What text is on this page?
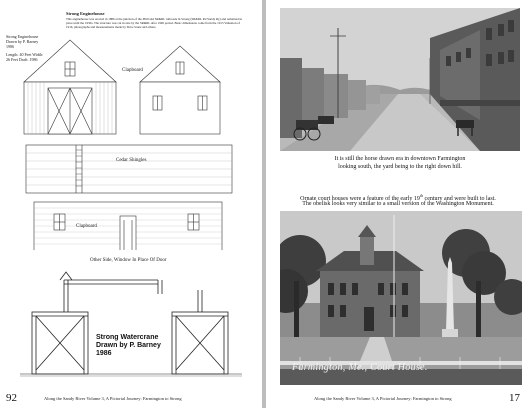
Strong Enginehouse
This enginehouse was erected in 1886 at the junction of the Phill and SR&RL railroads in Strong (SR&RL Rv/Sandy Ry) and remained in place until the 1930s. The structure was cut in size by the SR&RL after 1906 period. Basic dimensions come from the 1913 Valuation of 1916, photographs and measurements made by Dave Stone and others.
Strong Enginehouse Drawn by P. Barney 1986
Length: 40 Feet Width: 26 Feet Draft: 1986
Clapboard
Cedar Shingles
Clapboard
Other Side, Window In Place Of Door
Strong Watercrane Drawn by P. Barney 1986
Along the Sandy River Volume 3, A Pictorial Journey: Farmington to Strong
92
It is still the horse drawn era in downtown Farmington
looking south, the yard being to the right down hill.
Ornate court houses were a feature of the early 19th century and were built to last.
The obelisk looks very similar to a small version of the Washington Monument.
Farmington, Me., Court House.
Along the Sandy River Volume 3, A Pictorial Journey: Farmington to Strong	17
